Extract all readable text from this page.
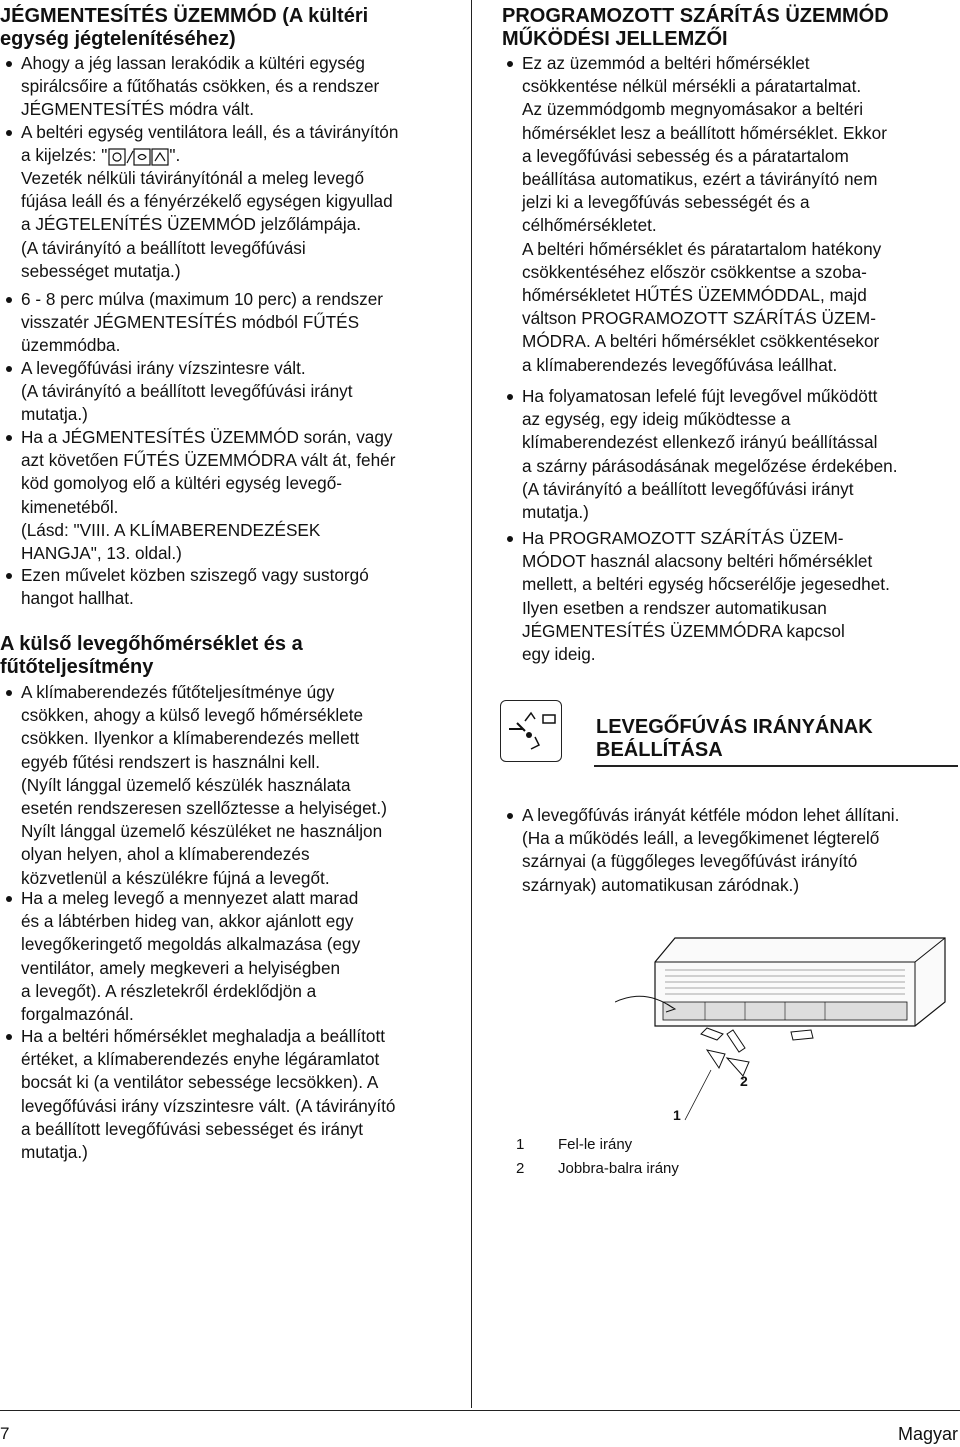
JÉGMENTESÍTÉS ÜZEMMÓD (A kültéri
egység jégtelenítéséhez)
Ahogy a jég lassan lerakódik a kültéri egység
spirálcsőire a fűtőhatás csökken, és a rendszer
JÉGMENTESÍTÉS módra vált.
A beltéri egység ventilátora leáll, és a távirányítón
a kijelzés: "	".
Vezeték nélküli távirányítónál a meleg levegő
fújása leáll és a fényérzékelő egységen kigyullad
a JÉGTELENÍTÉS ÜZEMMÓD jelzőlámpája.
(A távirányító a beállított levegőfúvási
sebességet mutatja.)
6 - 8 perc múlva (maximum 10 perc) a rendszer
visszatér JÉGMENTESÍTÉS módból FŰTÉS
üzemmódba.
A levegőfúvási irány vízszintesre vált.
(A távirányító a beállított levegőfúvási irányt
mutatja.)
Ha a JÉGMENTESÍTÉS ÜZEMMÓD során, vagy
azt követően FŰTÉS ÜZEMMÓDRA vált át, fehér
köd gomolyog elő a kültéri egység levegő-
kimenetéből.
(Lásd: "VIII. A KLÍMABERENDEZÉSEK
HANGJA", 13. oldal.)
Ezen művelet közben sziszegő vagy sustorgó
hangot hallhat.
A külső levegőhőmérséklet és a
fűtőteljesítmény
A klímaberendezés fűtőteljesítménye úgy
csökken, ahogy a külső levegő hőmérséklete
csökken. Ilyenkor a klímaberendezés mellett
egyéb fűtési rendszert is használni kell.
(Nyílt lánggal üzemelő készülék használata
esetén rendszeresen szellőztesse a helyiséget.)
Nyílt lánggal üzemelő készüléket ne használjon
olyan helyen, ahol a klímaberendezés
közvetlenül a készülékre fújná a levegőt.
Ha a meleg levegő a mennyezet alatt marad
és a lábtérben hideg van, akkor ajánlott egy
levegőkeringető megoldás alkalmazása (egy
ventilátor, amely megkeveri a helyiségben
a levegőt). A részletekről érdeklődjön a
forgalmazónál.
Ha a beltéri hőmérséklet meghaladja a beállított
értéket, a klímaberendezés enyhe légáramlatot
bocsát ki (a ventilátor sebessége lecsökken). A
levegőfúvási irány vízszintesre vált. (A távirányító
a beállított levegőfúvási sebességet és irányt
mutatja.)
PROGRAMOZOTT SZÁRÍTÁS ÜZEMMÓD
MŰKÖDÉSI JELLEMZŐI
Ez az üzemmód a beltéri hőmérséklet
csökkentése nélkül mérsékli a páratartalmat.
Az üzemmódgomb megnyomásakor a beltéri
hőmérséklet lesz a beállított hőmérséklet. Ekkor
a levegőfúvási sebesség és a páratartalom
beállítása automatikus, ezért a távirányító nem
jelzi ki a levegőfúvás sebességét és a
célhőmérsékletet.
A beltéri hőmérséklet és páratartalom hatékony
csökkentéséhez először csökkentse a szoba-
hőmérsékletet HŰTÉS ÜZEMMÓDDAL, majd
váltson PROGRAMOZOTT SZÁRÍTÁS ÜZEM-
MÓDRA. A beltéri hőmérséklet csökkentésekor
a klímaberendezés levegőfúvása leállhat.
Ha folyamatosan lefelé fújt levegővel működött
az egység, egy ideig működtesse a
klímaberendezést ellenkező irányú beállítással
a szárny párásodásának megelőzése érdekében.
(A távirányító a beállított levegőfúvási irányt
mutatja.)
Ha PROGRAMOZOTT SZÁRÍTÁS ÜZEM-
MÓDOT használ alacsony beltéri hőmérséklet
mellett, a beltéri egység hőcserélője jegesedhet.
Ilyen esetben a rendszer automatikusan
JÉGMENTESÍTÉS ÜZEMMÓDRA kapcsol
egy ideig.
LEVEGŐFÚVÁS IRÁNYÁNAK
BEÁLLÍTÁSA
A levegőfúvás irányát kétféle módon lehet állítani.
(Ha a működés leáll, a levegőkimenet légterelő
szárnyai (a függőleges levegőfúvást irányító
szárnyak) automatikusan záródnak.)
2
1
1 Fel-le irány
2 Jobbra-balra irány
7	Magyar
